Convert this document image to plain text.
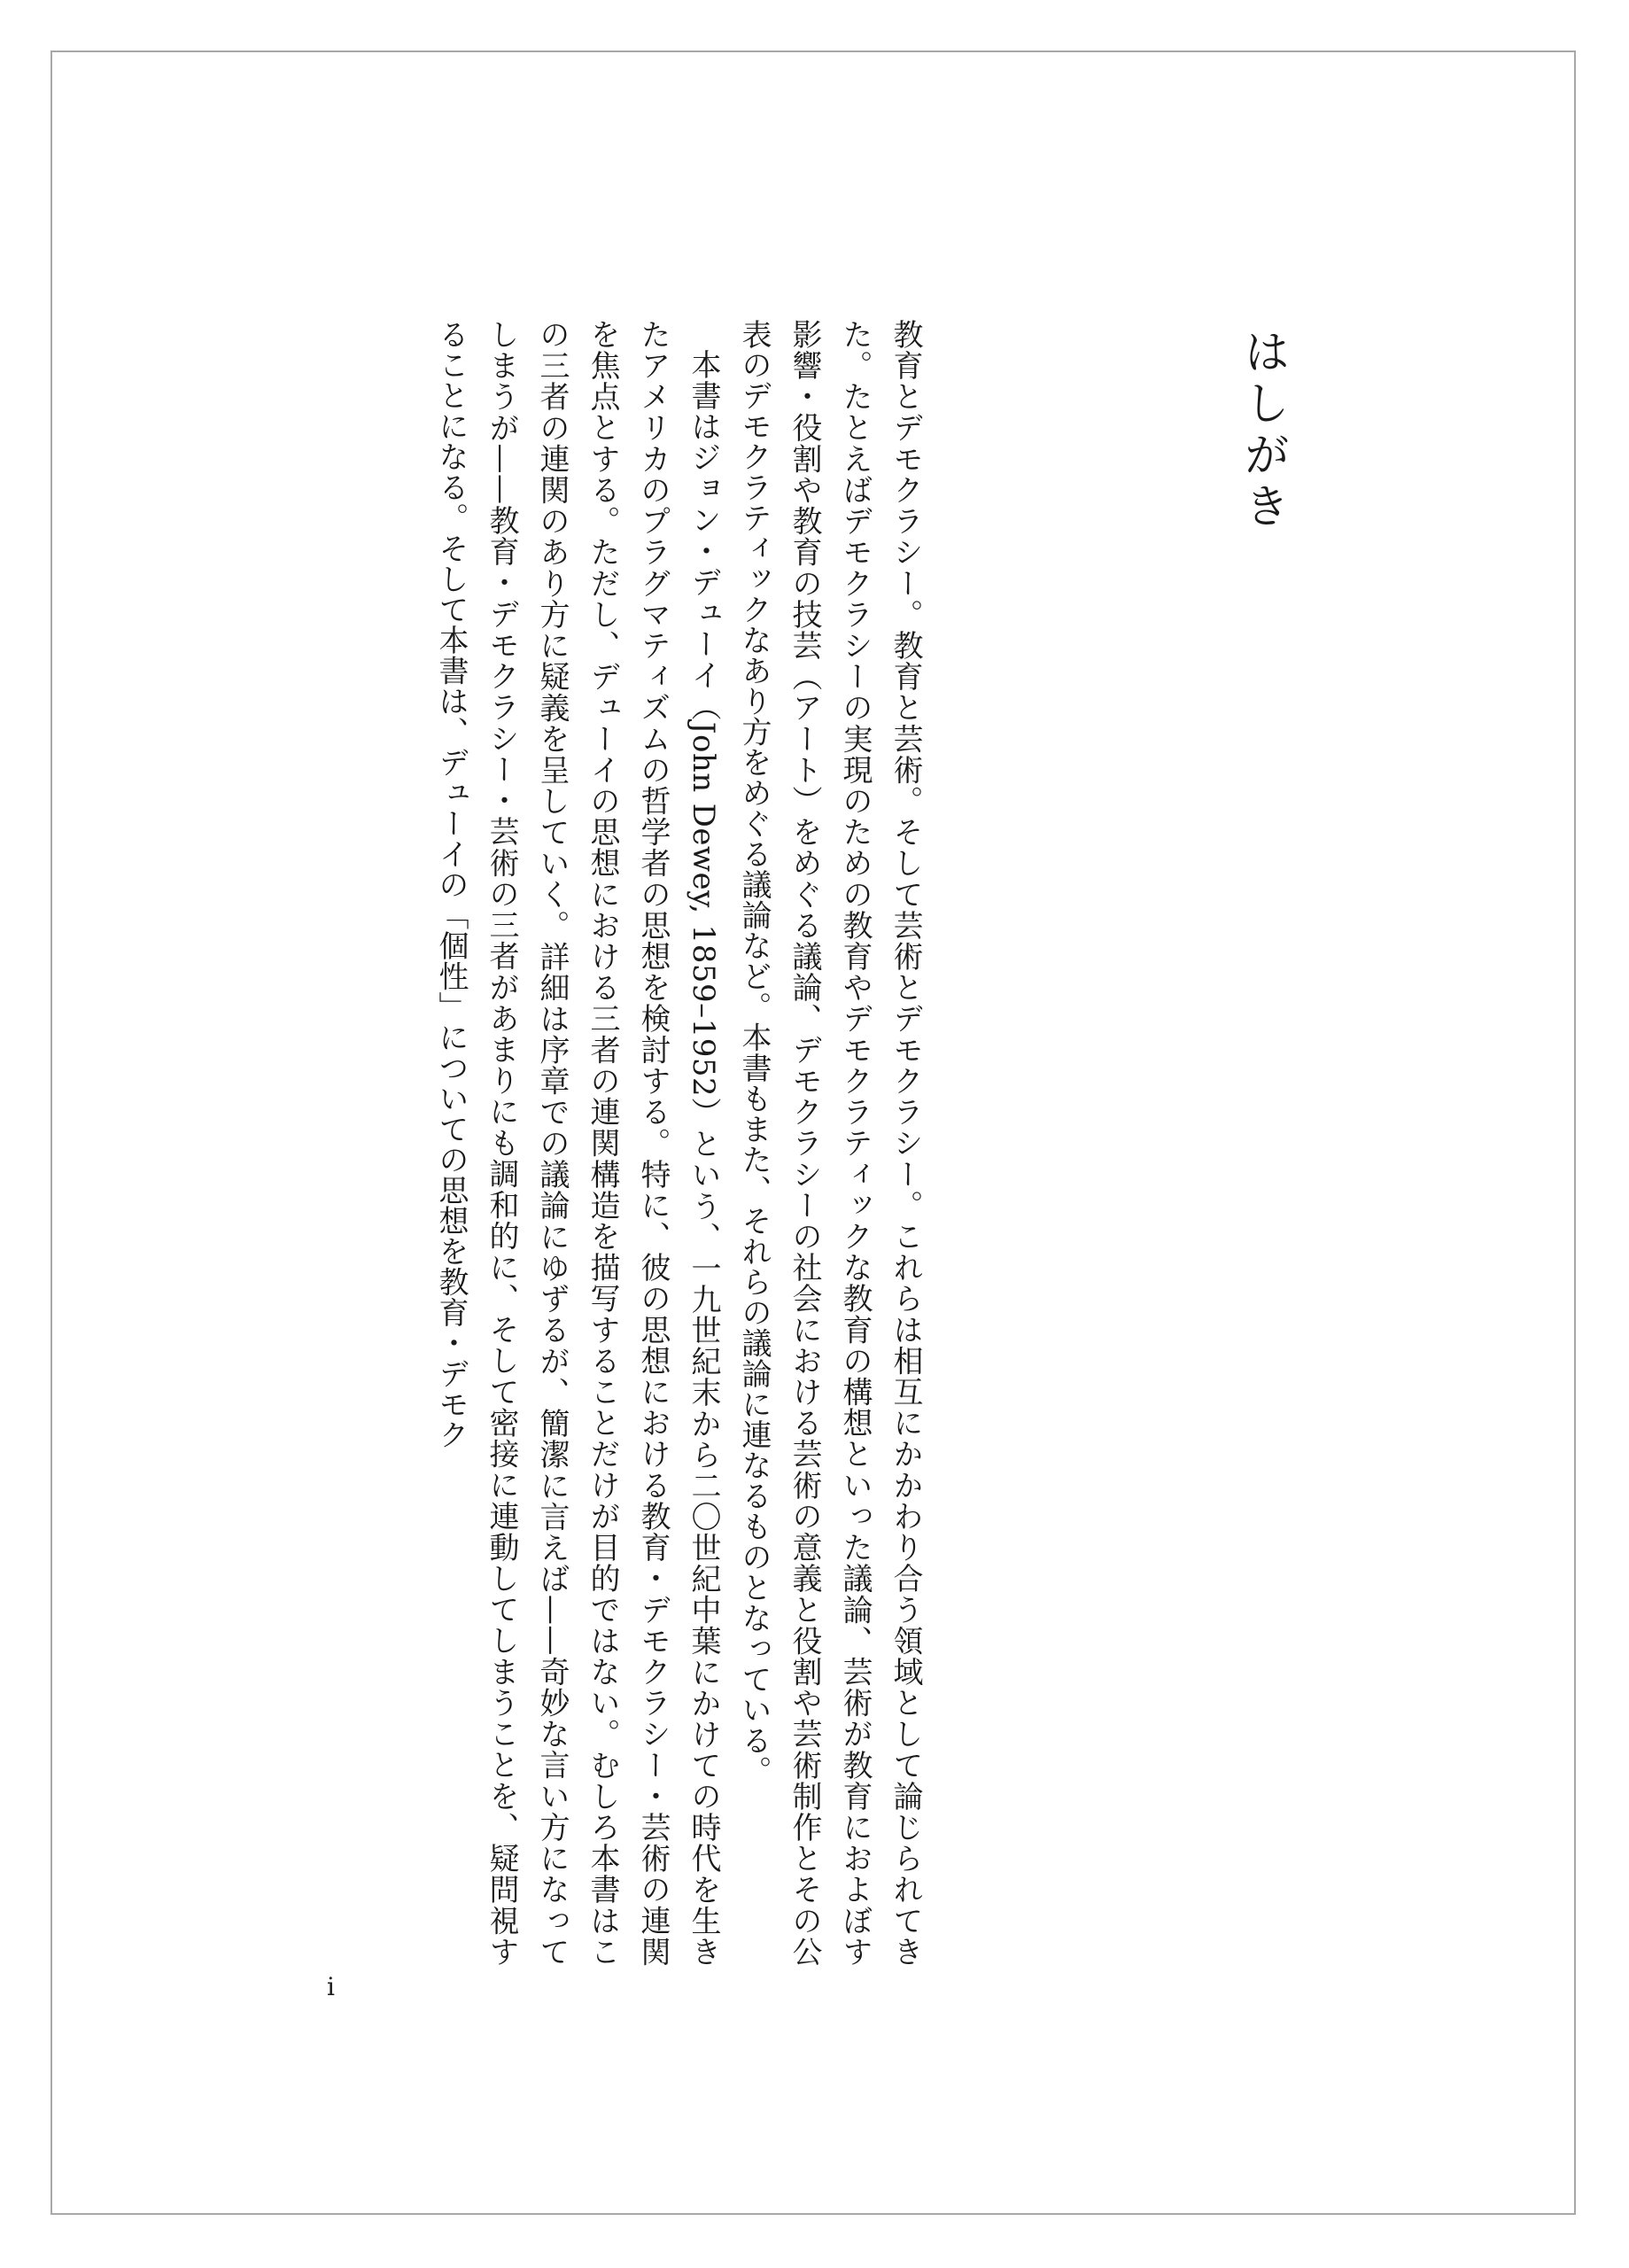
はしがき

教育とデモクラシー。教育と芸術。そして芸術とデモクラシー。これらは相互にかかわり合う領域として論じられてきた。たとえばデモクラシーの実現のための教育やデモクラティックな教育の構想といった議論、芸術が教育におよぼす影響・役割や教育の技芸（アート）をめぐる議論、デモクラシーの社会における芸術の意義と役割や芸術制作とその公表のデモクラティックなあり方をめぐる議論など。本書もまた、それらの議論に連なるものとなっている。

本書はジョン・デューイ（John Dewey, 1859–1952）という、一九世紀末から二〇世紀中葉にかけての時代を生きたアメリカのプラグマティズムの哲学者の思想を検討する。特に、彼の思想における教育・デモクラシー・芸術の連関を焦点とする。ただし、デューイの思想における三者の連関構造を描写することだけが目的ではない。むしろ本書はこの三者の連関のあり方に疑義を呈していく。詳細は序章での議論にゆずるが、簡潔に言えば——奇妙な言い方になってしまうが——教育・デモクラシー・芸術の三者があまりにも調和的に、そして密接に連動してしまうことを、疑問視することになる。そして本書は、デューイの「個性」についての思想を教育・デモク

i
